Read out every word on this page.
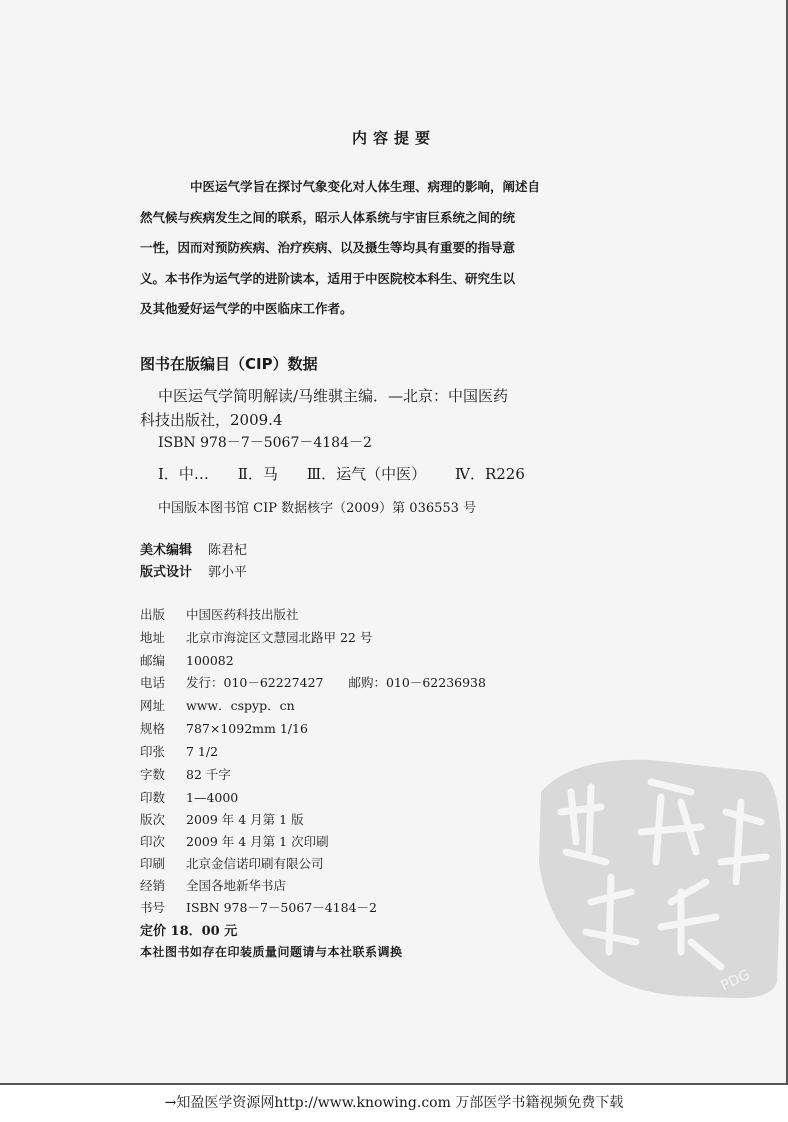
内容提要

中医运气学旨在探讨气象变化对人体生理、病理的影响，阐述自

然气候与疾病发生之间的联系，昭示人体系统与宇宙巨系统之间的统

一性，因而对预防疾病、治疗疾病、以及摄生等均具有重要的指导意

义。本书作为运气学的进阶读本，适用于中医院校本科生、研究生以

及其他爱好运气学的中医临床工作者。

图书在版编目（CIP）数据
中医运气学简明解读/马维骐主编．—北京：中国医药
科技出版社，2009.4
ISBN 978－7－5067－4184－2
Ⅰ．中… Ⅱ．马 Ⅲ．运气（中医） Ⅳ．R226
中国版本图书馆 CIP 数据核字（2009）第 036553 号
美术编辑 陈君杞
版式设计 郭小平
出版 中国医药科技出版社
地址 北京市海淀区文慧园北路甲 22 号
邮编 100082
电话 发行：010－62227427　　邮购：010－62236938
网址 www．cspyp．cn
规格 787×1092mm 1/16
印张 7 1/2
字数 82 千字
印数 1—4000
版次 2009 年 4 月第 1 版
印次 2009 年 4 月第 1 次印刷
印刷 北京金信诺印刷有限公司
经销 全国各地新华书店
书号 ISBN 978－7－5067－4184－2
定价 18．00 元
本社图书如存在印装质量问题请与本社联系调换
PDG
→知盈医学资源网http://www.knowing.com 万部医学书籍视频免费下载
